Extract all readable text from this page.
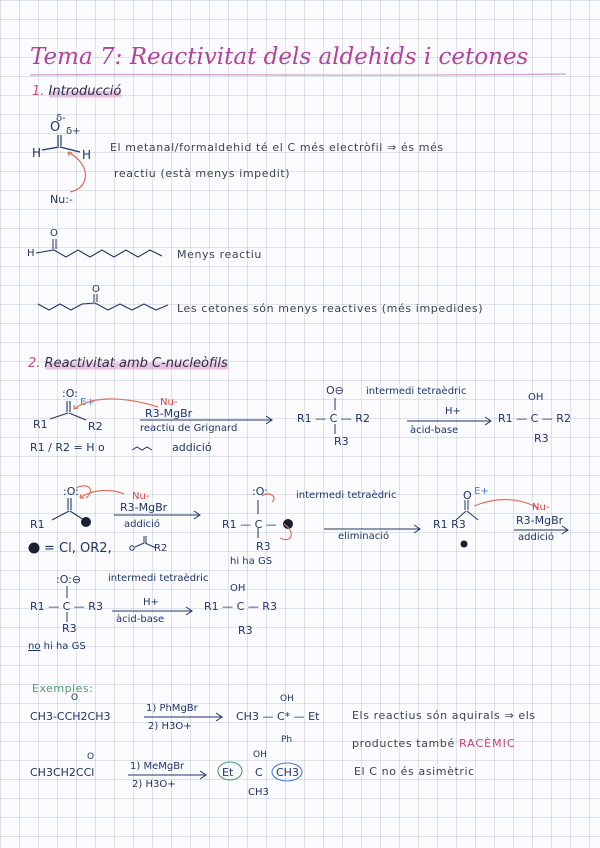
Tema 7: Reactivitat dels aldehids i cetones
1. Introducció
δ-
O δ+
H	H
Nu:-
El metanal/formaldehid té el C més electròfil ⇒ és més
reactiu (està menys impedit)
O
H	Menys reactiu
O
Les cetones són menys reactives (més impedides)
2. Reactivitat amb C-nucleòfils
:O:
E+
R1	R2
Nu-
R3-MgBr
reactiu de Grignard
R1 / R2 = H o	addició
O⊖ intermedi tetraèdric
R1 — C — R2
R3
H+
àcid-base
OH
R1 — C — R2
R3
:O:
R1
Nu-
R3-MgBr
addició
= Cl, OR2,	R2
:O:	intermedi tetraèdric
R1 — C —
R3
hi ha GS
eliminació
O E+
R1 R3
Nu-
R3-MgBr
addició
:O:⊖	intermedi tetraèdric
R1 — C — R3
R3
H+
àcid-base
OH
R1 — C — R3
R3
no hi ha GS
Exemples:
O
CH3-CCH2CH3
1) PhMgBr
2) H3O+
OH
CH3 — C* — Et
Ph
Els reactius són aquirals ⇒ els
productes també RACÈMIC
O
CH3CH2CCl	1) MeMgBr
2) H3O+
OH
Et C CH3
CH3
El C no és asimètric
